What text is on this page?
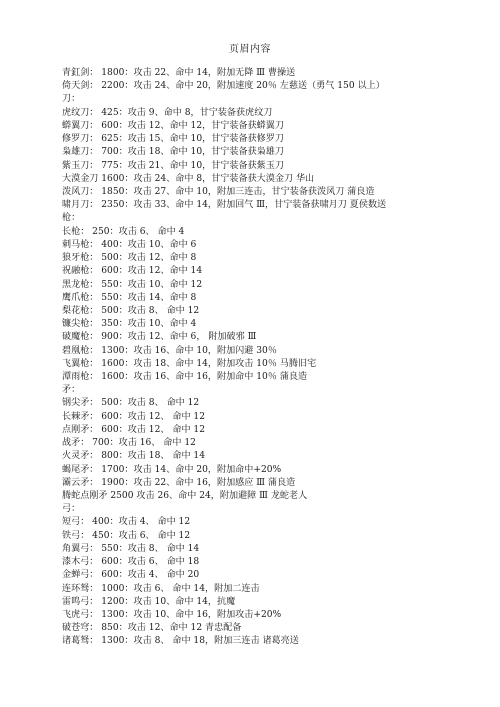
页眉内容
青釭剑： 1800：攻击 22、命中 14，附加无降 Ⅲ 曹操送
倚天剑： 2200：攻击 24、命中 20，附加速度 20％ 左慈送（勇气 150 以上）
刀：
虎纹刀： 425：攻击 9、命中 8，甘宁装备获虎纹刀
蟒翼刀： 600：攻击 12、命中 12，甘宁装备获蟒翼刀
修罗刀： 625：攻击 15、命中 10，甘宁装备获修罗刀
枭雄刀： 700：攻击 18、命中 10，甘宁装备获枭雄刀
紫玉刀： 775：攻击 21、命中 10，甘宁装备获紫玉刀
大漠金刀 1600：攻击 24、命中 8，甘宁装备获大漠金刀 华山
泼风刀： 1850：攻击 27、命中 10，附加三连击，甘宁装备获泼风刀 蒲良造
啸月刀： 2350：攻击 33、命中 14，附加回气 Ⅲ，甘宁装备获啸月刀 夏侯数送
枪：
长枪： 250：攻击 6、 命中 4
刺马枪： 400：攻击 10、命中 6
狼牙枪： 500：攻击 12、命中 8
祝融枪： 600：攻击 12、命中 14
黑龙枪： 550：攻击 10、命中 12
鹰爪枪： 550：攻击 14、命中 8
梨花枪： 500：攻击 8、 命中 12
镰尖枪： 350：攻击 10、命中 4
破魔枪： 900：攻击 12、命中 6， 附加破邪 Ⅲ
碧凰枪： 1300：攻击 16、命中 10，附加闪避 30％
飞翼枪： 1600：攻击 18、命中 14，附加攻击 10％ 马腾旧宅
潭雨枪： 1600：攻击 16、命中 16，附加命中 10％ 蒲良造
矛：
钢尖矛： 500：攻击 8、 命中 12
长棘矛： 600：攻击 12、 命中 12
点刚矛： 600：攻击 12、 命中 12
战矛： 700：攻击 16、 命中 12
火灵矛： 800：攻击 18、 命中 14
蝎尾矛： 1700：攻击 14、命中 20，附加命中+20%
灞云矛： 1900：攻击 22、命中 16，附加感应 Ⅲ 蒲良造
腾蛇点刚矛 2500 攻击 26、命中 24，附加避障 Ⅲ 龙蛇老人
弓：
短弓： 400：攻击 4、 命中 12
铁弓： 450：攻击 6、 命中 12
角翼弓： 550：攻击 8、 命中 14
漆木弓： 600：攻击 6、 命中 18
金蝉弓： 600：攻击 4、 命中 20
连环驽： 1000：攻击 6、 命中 14，附加二连击
雷鸣弓： 1200：攻击 10、命中 14，抗魔
飞虎弓： 1300：攻击 10、命中 16，附加攻击+20%
破苍穹： 850：攻击 12、命中 12 青忠配备
诸葛驽： 1300：攻击 8、 命中 18，附加三连击 诸葛亮送
